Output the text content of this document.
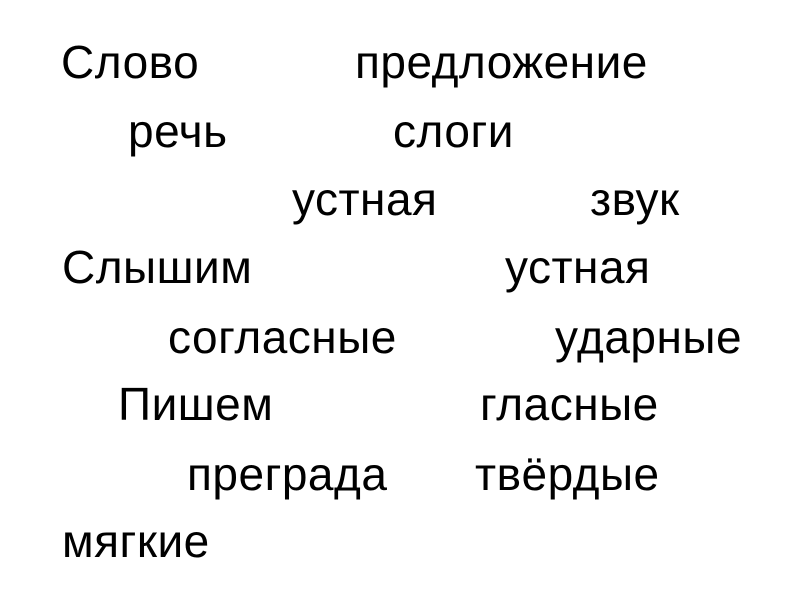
Слово	предложение
речь	слоги
устная	звук
Слышим	устная
согласные	ударные
Пишем	гласные
преграда твёрдые
мягкие
